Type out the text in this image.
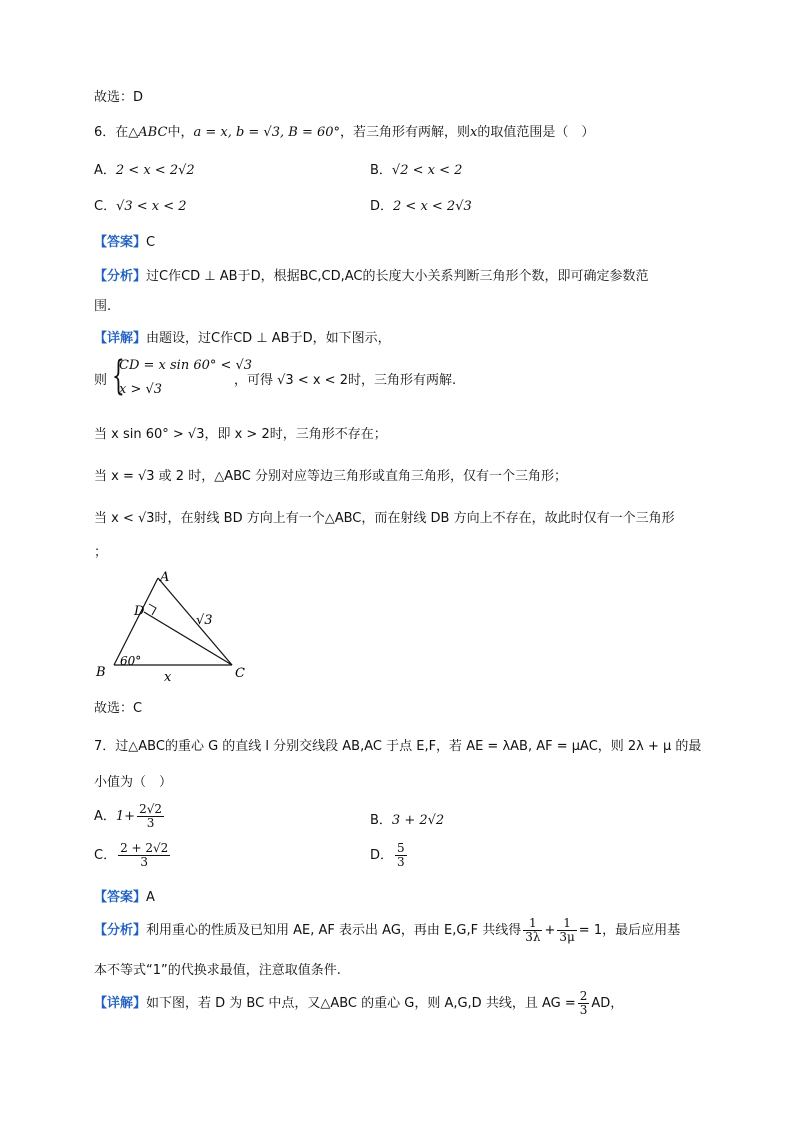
故选：D
6．在△ABC中，a = x, b = √3, B = 60°，若三角形有两解，则x的取值范围是（　）
A．2 < x < 2√2	B．√2 < x < 2
C．√3 < x < 2	D．2 < x < 2√3
【答案】C
【分析】过C作CD ⊥ AB于D，根据BC,CD,AC的长度大小关系判断三角形个数，即可确定参数范
围.
【详解】由题设，过C作CD ⊥ AB于D，如下图示，
则 {
CD = x sin 60° < √3
x > √3
，可得 √3 < x < 2时，三角形有两解.
当 x sin 60° > √3，即 x > 2时，三角形不存在；
当 x = √3 或 2 时，△ABC 分别对应等边三角形或直角三角形，仅有一个三角形；
当 x < √3时，在射线 BD 方向上有一个△ABC，而在射线 DB 方向上不存在，故此时仅有一个三角形
；
A
B	C
D
60°
x
√3
故选：C
7．过△ABC的重心 G 的直线 l 分别交线段 AB,AC 于点 E,F，若 AE = λAB, AF = μAC，则 2λ + μ 的最
小值为（　）
A．$1+ \frac{2√2}{3}$	B．3 + 2√2
C． $\frac{2 + 2√2}{3}$	D． $\frac{5}{3}$
【答案】A
【分析】利用重心的性质及已知用 AE, AF 表示出 AG，再由 E,G,F 共线得 $\frac{1}{3\lambda} + \frac{1}{3\mu} = 1$，最后应用基
本不等式“1”的代换求最值，注意取值条件.
【详解】如下图，若 D 为 BC 中点，又△ABC 的重心 G，则 A,G,D 共线，且 AG = $\frac{2}{3}$ AD，
